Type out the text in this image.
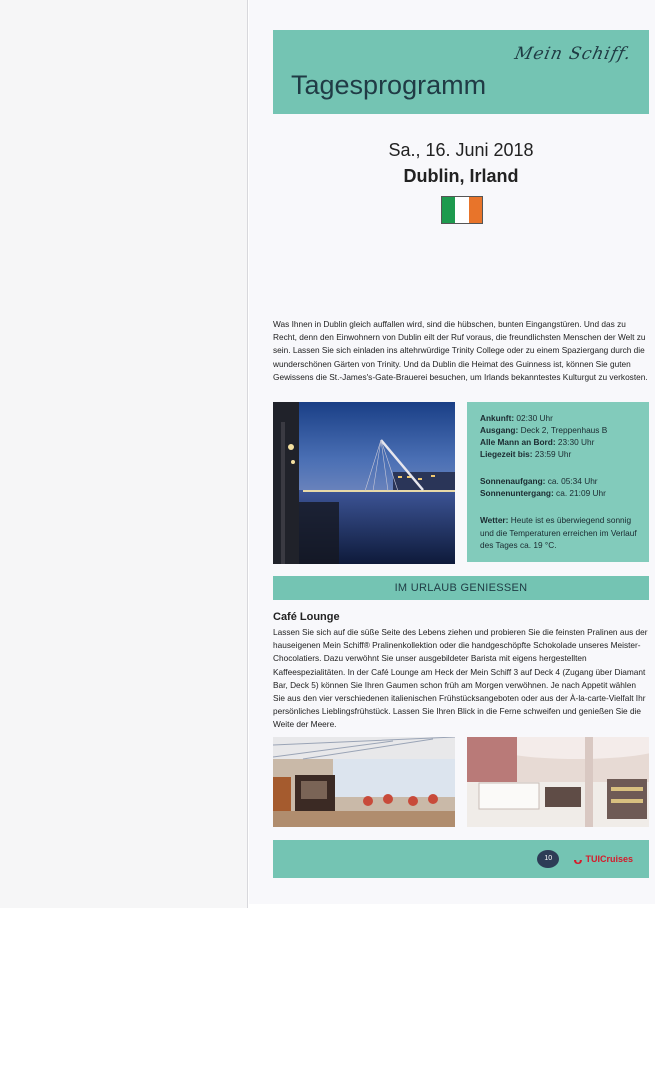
Mein Schiff.
Tagesprogramm
Sa., 16. Juni 2018
Dublin, Irland
Was Ihnen in Dublin gleich auffallen wird, sind die hübschen, bunten Eingangstüren. Und das zu Recht, denn den Einwohnern von Dublin eilt der Ruf voraus, die freundlichsten Menschen der Welt zu sein. Lassen Sie sich einladen ins altehrwürdige Trinity College oder zu einem Spaziergang durch die wunderschönen Gärten von Trinity. Und da Dublin die Heimat des Guinness ist, können Sie guten Gewissens die St.-James's-Gate-Brauerei besuchen, um Irlands bekanntestes Kulturgut zu verkosten.
Ankunft: 02:30 Uhr
Ausgang: Deck 2, Treppenhaus B
Alle Mann an Bord: 23:30 Uhr
Liegezeit bis: 23:59 Uhr
Sonnenaufgang: ca. 05:34 Uhr
Sonnenuntergang: ca. 21:09 Uhr
Wetter: Heute ist es überwiegend sonnig und die Temperaturen erreichen im Verlauf des Tages ca. 19 °C.
IM URLAUB GENIESSEN
Café Lounge
Lassen Sie sich auf die süße Seite des Lebens ziehen und probieren Sie die feinsten Pralinen aus der hauseigenen Mein Schiff® Pralinenkollektion oder die handgeschöpfte Schokolade unseres Meister-Chocolatiers. Dazu verwöhnt Sie unser ausgebildeter Barista mit eigens hergestellten Kaffeespezialitäten. In der Café Lounge am Heck der Mein Schiff 3 auf Deck 4 (Zugang über Diamant Bar, Deck 5) können Sie Ihren Gaumen schon früh am Morgen verwöhnen. Je nach Appetit wählen Sie aus den vier verschiedenen italienischen Frühstücksangeboten oder aus der À-la-carte-Vielfalt Ihr persönliches Lieblingsfrühstück. Lassen Sie Ihren Blick in die Ferne schweifen und genießen Sie die Weite der Meere.
10	ᴗ TUICruises
